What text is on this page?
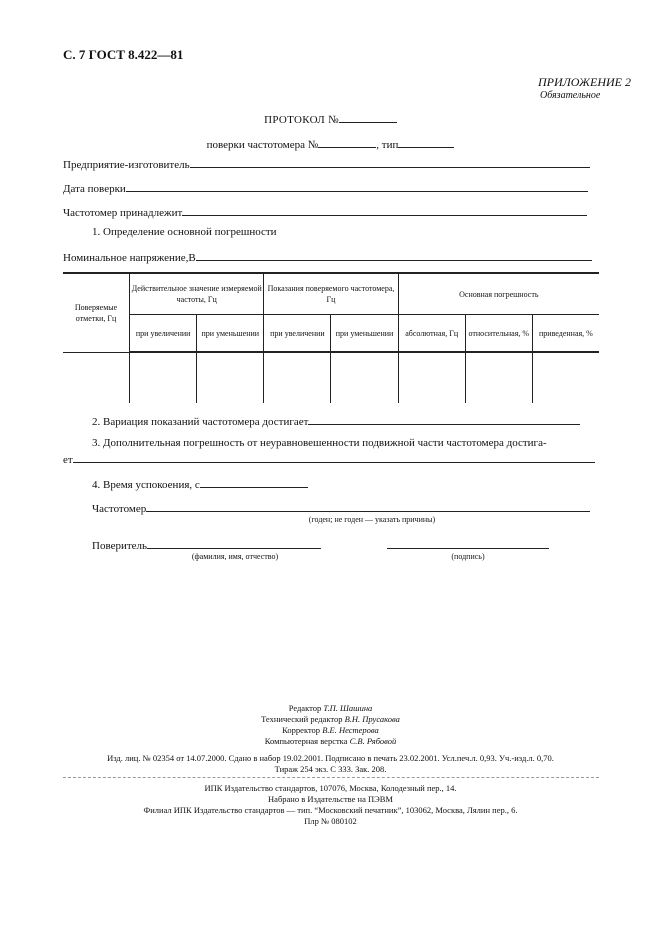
С. 7 ГОСТ 8.422—81
ПРИЛОЖЕНИЕ 2
Обязательное
ПРОТОКОЛ №
поверки частотомера №	, тип
Предприятие-изготовитель
Дата поверки
Частотомер принадлежит
1. Определение основной погрешности
Номинальное напряжение,В
Поверяемые отметки, Гц	Действительное значение измеряемой частоты, Гц		Показания поверяемого частотомера, Гц		Основная погрешность		
	при увеличении	при уменьшении	при увеличении	при уменьшении	абсолютная, Гц	относительная, %	приведенная, %

2. Вариация показаний частотомера достигает
3. Дополнительная погрешность от неуравновешенности подвижной части частотомера достига-
ет
4. Время успокоения, с
Частотомер
(годен; не годен — указать причины)
Поверитель
(фамилия, имя, отчество)	(подпись)
Редактор Т.П. Шашина
Технический редактор В.Н. Прусакова
Корректор В.Е. Нестерова
Компьютерная верстка С.В. Рябовой
Изд. лиц. № 02354 от 14.07.2000. Сдано в набор 19.02.2001. Подписано в печать 23.02.2001. Усл.печ.л. 0,93. Уч.-изд.л. 0,70.
Тираж 254 экз. С 333. Зак. 208.
ИПК Издательство стандартов, 107076, Москва, Колодезный пер., 14.
Набрано в Издательстве на ПЭВМ
Филиал ИПК Издательство стандартов — тип. “Московский печатник”, 103062, Москва, Лялин пер., 6.
Плр № 080102
